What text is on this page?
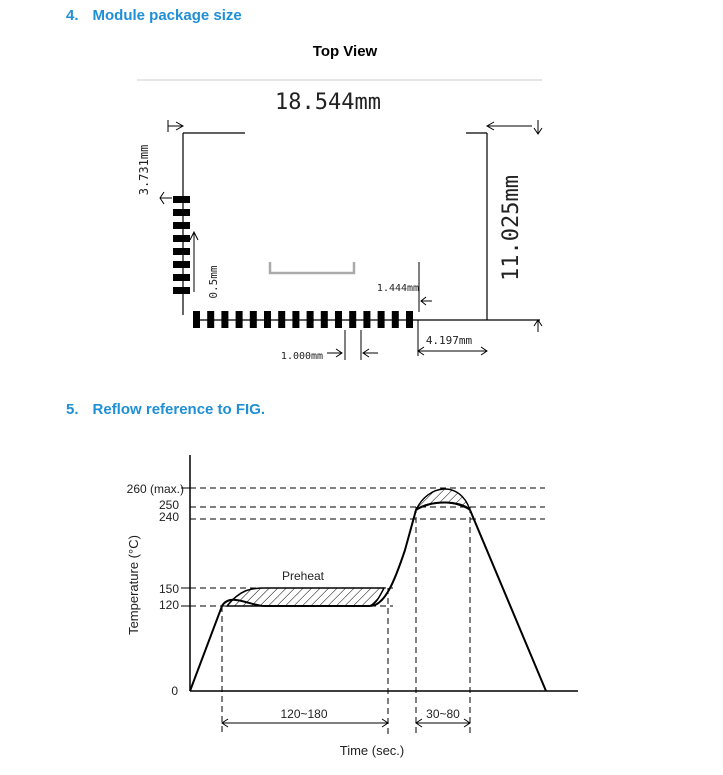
4. Module package size
Top View
18.544mm
3.731mm
11.025mm
0.5mm	1.444mm
4.197mm
1.000mm
5. Reflow reference to FIG.
260 (max.)
250
240
150
120
0
Preheat
120~180	30~80
Time (sec.)
Temperature (°C)
